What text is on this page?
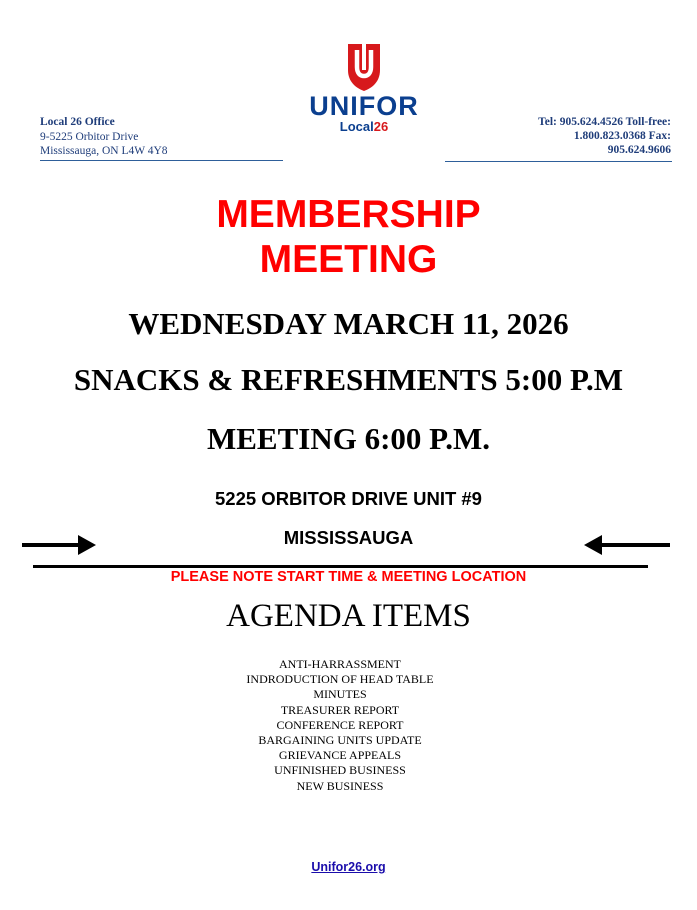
Local 26 Office
9-5225 Orbitor Drive
Mississauga, ON L4W 4Y8
UNIFOR
Local26	Tel: 905.624.4526 Toll-free:
1.800.823.0368 Fax:
905.624.9606
MEMBERSHIP
MEETING
WEDNESDAY MARCH 11, 2026
SNACKS & REFRESHMENTS 5:00 P.M
MEETING 6:00 P.M.
5225 ORBITOR DRIVE UNIT #9
MISSISSAUGA
PLEASE NOTE START TIME & MEETING LOCATION
AGENDA ITEMS
ANTI-HARRASSMENT
INDRODUCTION OF HEAD TABLE
MINUTES
TREASURER REPORT
CONFERENCE REPORT
BARGAINING UNITS UPDATE
GRIEVANCE APPEALS
UNFINISHED BUSINESS
NEW BUSINESS
Unifor26.org
